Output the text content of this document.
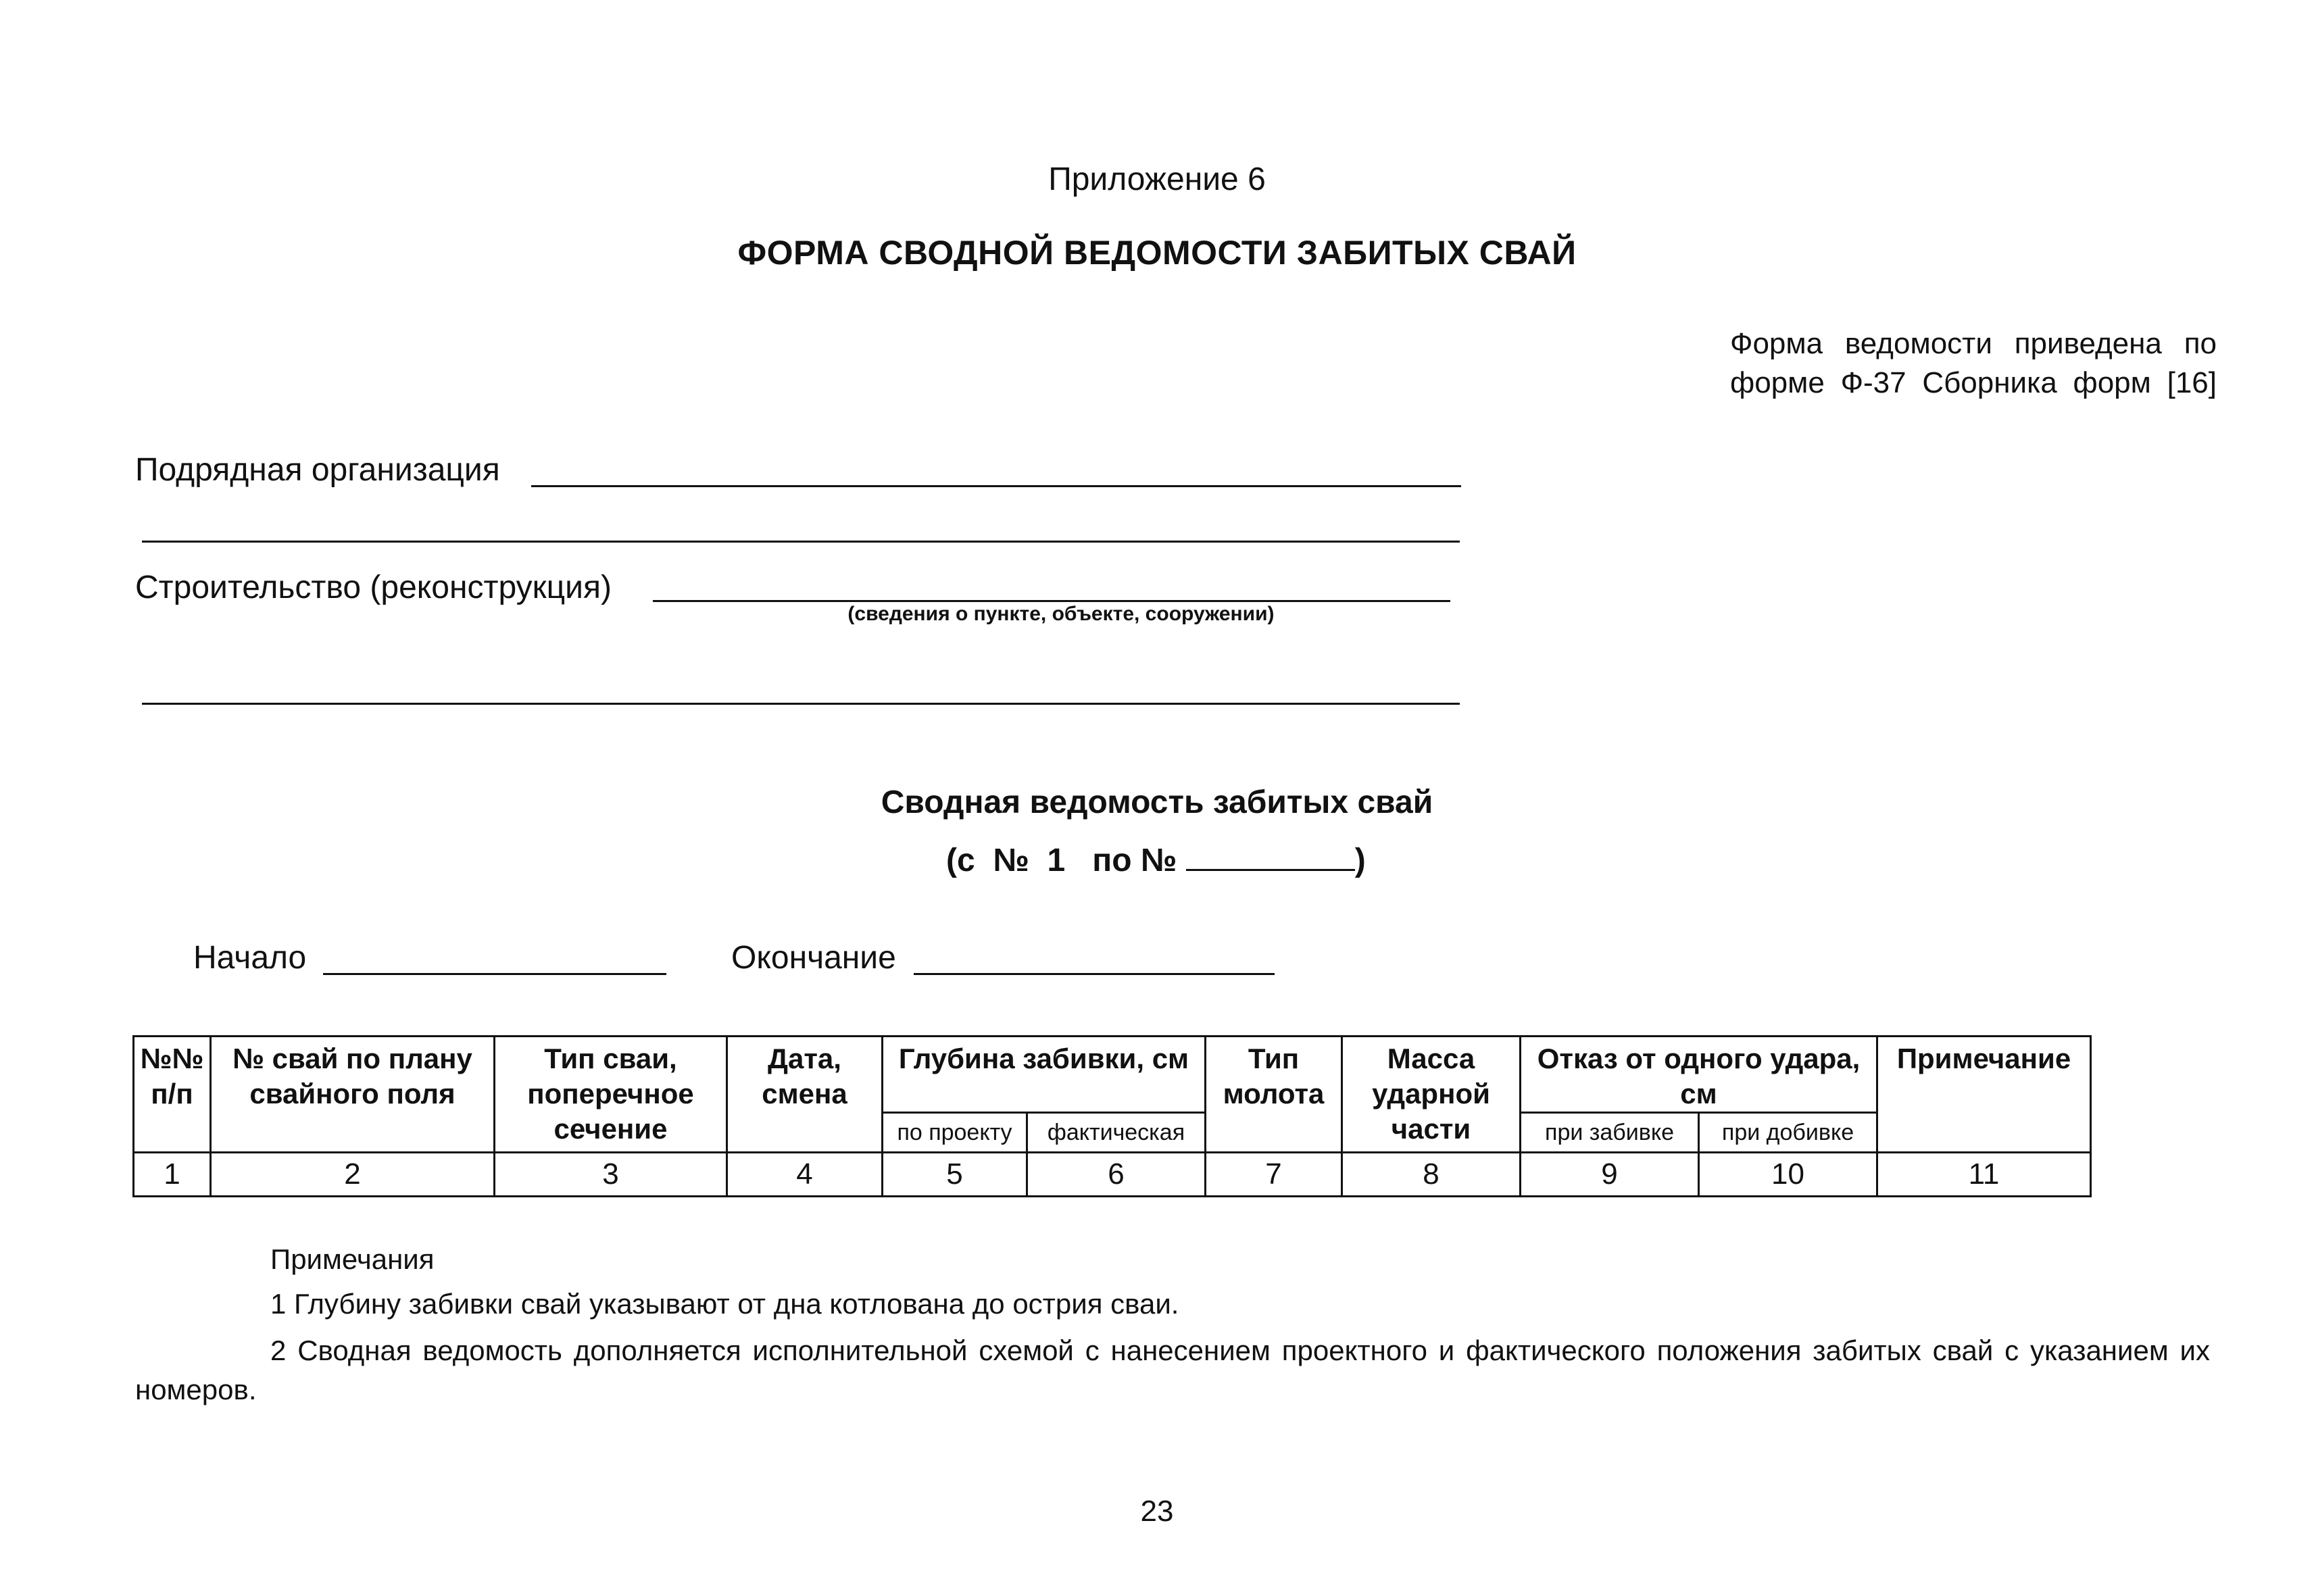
Приложение 6
ФОРМА СВОДНОЙ ВЕДОМОСТИ ЗАБИТЫХ СВАЙ
Форма ведомости приведена по форме Ф-37 Сборника форм [16]
Подрядная организация
Строительство (реконструкция)
(сведения о пункте, объекте, сооружении)
Сводная ведомость забитых свай
(с  №  1   по №	)
Начало	Окончание
№№ п/п	№ свай по плану свайного поля	Тип сваи, поперечное сечение	Дата, смена	Глубина забивки, см		Тип молота	Масса ударной части	Отказ от одного удара, см		Примечание
				по проекту	фактическая			при забивке	при добивке	
1	2	3	4	5	6	7	8	9	10	11
Примечания
1 Глубину забивки свай указывают от дна котлована до острия сваи.
2 Сводная ведомость дополняется исполнительной схемой с нанесением проектного и фактического положения забитых свай с указанием их номеров.
23
